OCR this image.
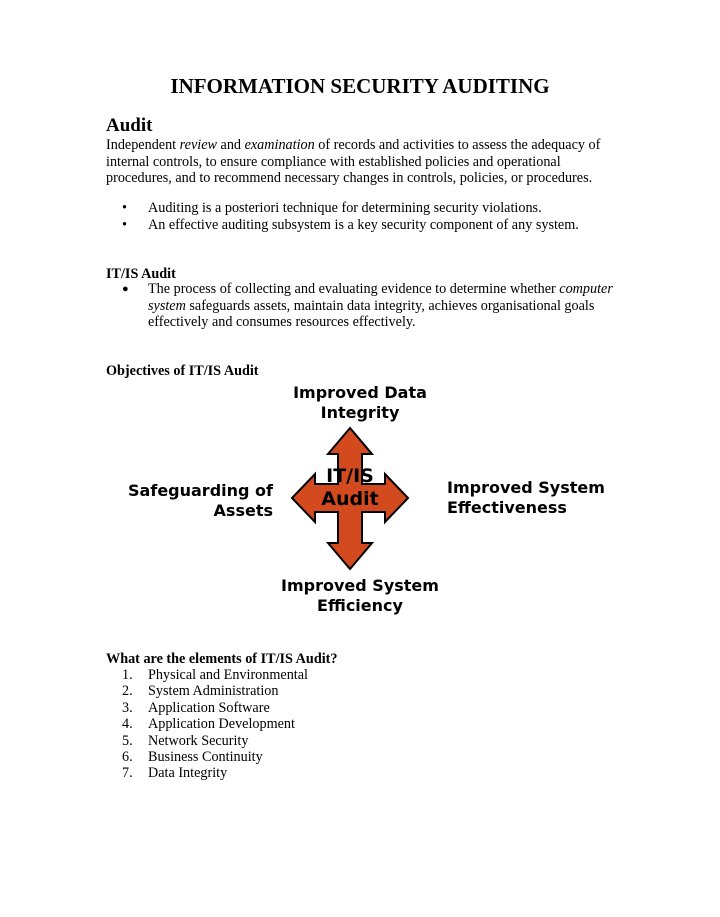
INFORMATION SECURITY AUDITING
Audit
Independent review and examination of records and activities to assess the adequacy of internal controls, to ensure compliance with established policies and operational procedures, and to recommend necessary changes in controls, policies, or procedures.
•	Auditing is a posteriori technique for determining security violations.
•	An effective auditing subsystem is a key security component of any system.
IT/IS Audit
●	The process of collecting and evaluating evidence to determine whether computer system safeguards assets, maintain data integrity, achieves organisational goals effectively and consumes resources effectively.
Objectives of IT/IS Audit
Improved Data
Integrity
Safeguarding of
Assets
Improved System
Effectiveness
Improved System
Efficiency
IT/IS
Audit
What are the elements of IT/IS Audit?
1.	Physical and Environmental
2.	System Administration
3.	Application Software
4.	Application Development
5.	Network Security
6.	Business Continuity
7.	Data Integrity
